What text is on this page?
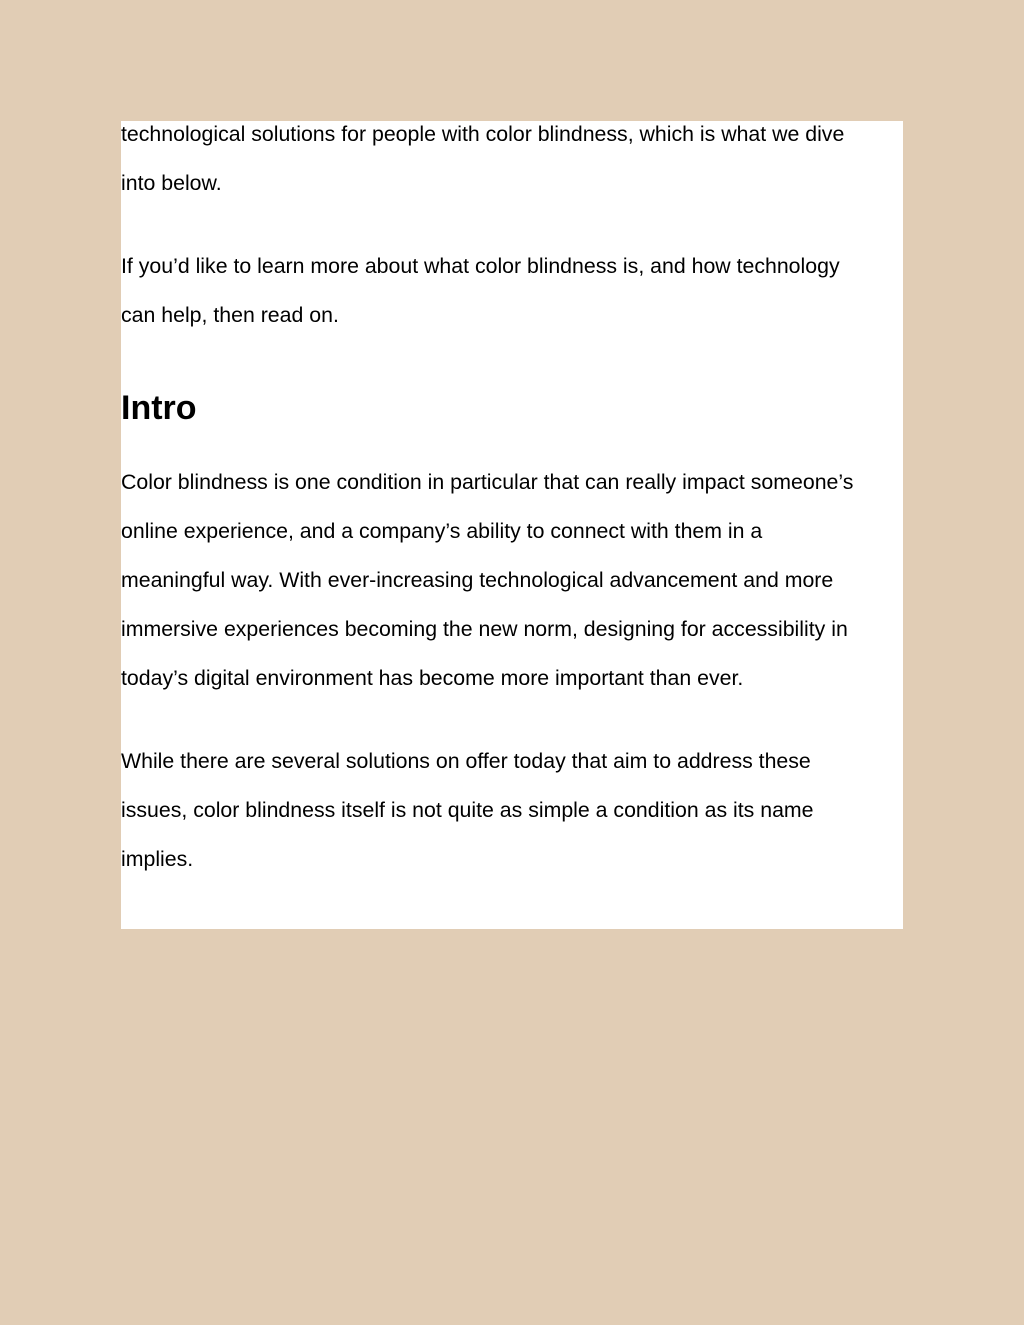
technological solutions for people with color blindness, which is what we dive
into below.

If you’d like to learn more about what color blindness is, and how technology
can help, then read on.

Intro

Color blindness is one condition in particular that can really impact someone’s
online experience, and a company’s ability to connect with them in a
meaningful way. With ever-increasing technological advancement and more
immersive experiences becoming the new norm, designing for accessibility in
today’s digital environment has become more important than ever.

While there are several solutions on offer today that aim to address these
issues, color blindness itself is not quite as simple a condition as its name
implies.
